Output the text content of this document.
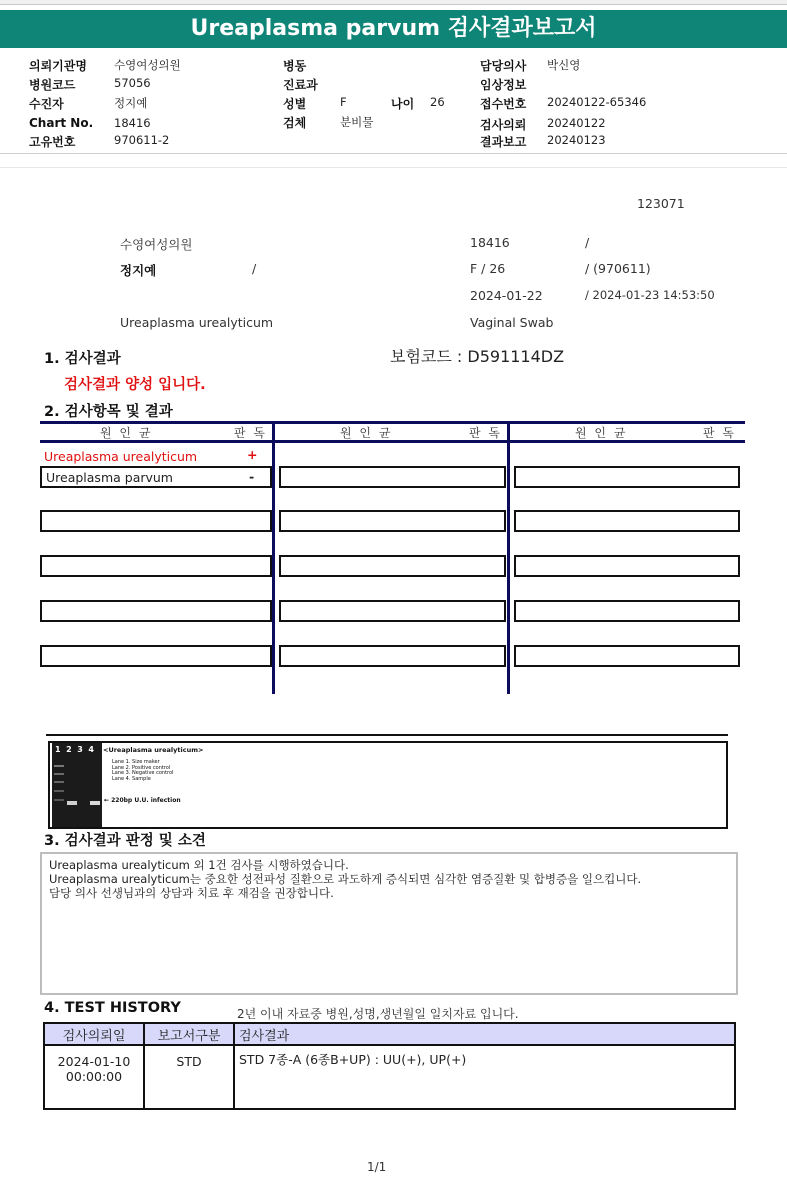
Ureaplasma parvum 검사결과보고서
의뢰기관명 수영여성의원
병원코드	57056
수진자	정지예
Chart No. 18416
고유번호	970611-2
병동
진료과
성별	F	나이 26
검체	분비물
담당의사 박신영
임상정보
접수번호 20240122-65346
검사의뢰 20240122
결과보고 20240123
123071
수영여성의원	18416	/
정지예	/	F / 26	/ (970611)
2024-01-22	/ 2024-01-23 14:53:50
Ureaplasma urealyticum	Vaginal Swab
1. 검사결과	보험코드 : D591114DZ
검사결과 양성 입니다.
2. 검사항목 및 결과
원 인 균	판 독	원 인 균	판 독	원 인 균	판 독
Ureaplasma urealyticum	+
Ureaplasma parvum	-
1  2  3  4 <Ureaplasma urealyticum>
Lane 1. Size maker
Lane 2. Positive control
Lane 3. Negative control
Lane 4. Sample
← 220bp U.U. infection
3. 검사결과 판정 및 소견
Ureaplasma urealyticum 외 1건 검사를 시행하였습니다.
Ureaplasma urealyticum는 중요한 성전파성 질환으로 과도하게 증식되면 심각한 염증질환 및 합병증을 일으킵니다.
담당 의사 선생님과의 상담과 치료 후 재검을 권장합니다.
4. TEST HISTORY	2년 이내 자료중 병원,성명,생년월일 일치자료 입니다.
검사의뢰일	보고서구분	검사결과

2024-01-10
00:00:00	STD	STD 7종-A (6종B+UP) : UU(+), UP(+)
1/1
